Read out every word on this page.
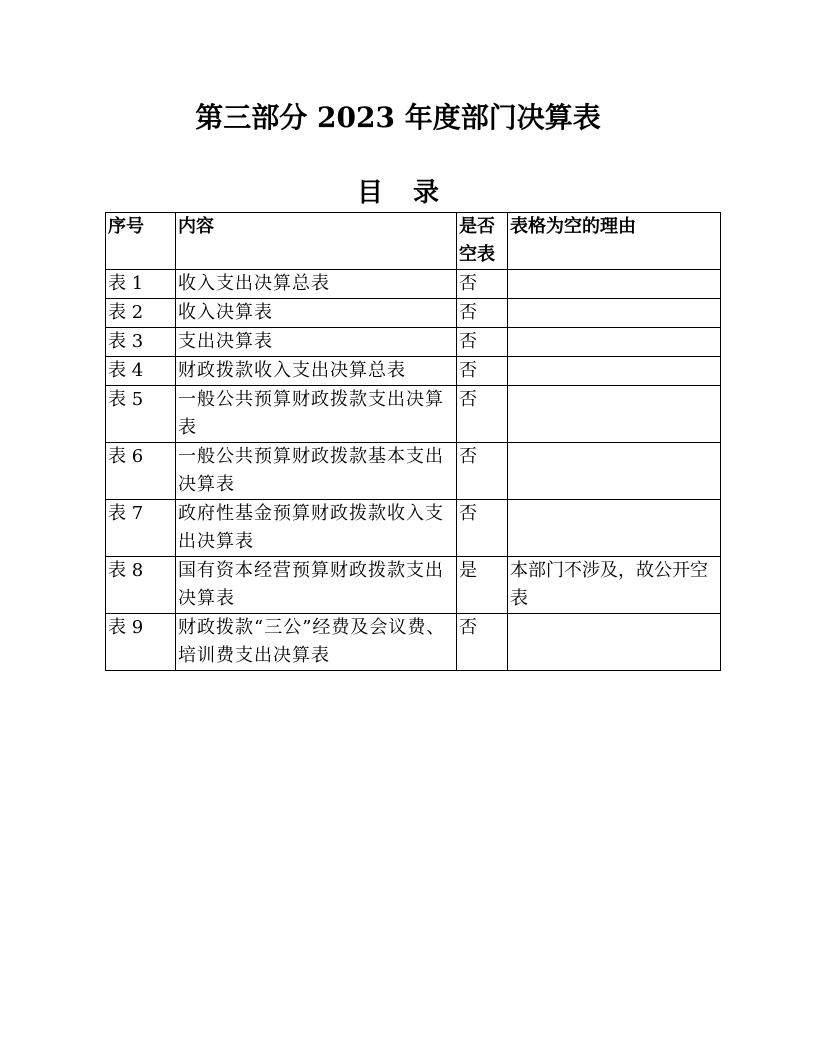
第三部分 2023 年度部门决算表
目录
序号	内容	是否空表	表格为空的理由
表 1	收入支出决算总表	否	
表 2	收入决算表	否	
表 3	支出决算表	否	
表 4	财政拨款收入支出决算总表	否	
表 5	一般公共预算财政拨款支出决算表	否	
表 6	一般公共预算财政拨款基本支出决算表	否	
表 7	政府性基金预算财政拨款收入支出决算表	否	
表 8	国有资本经营预算财政拨款支出决算表	是	本部门不涉及，故公开空表
表 9	财政拨款“三公”经费及会议费、培训费支出决算表	否	
